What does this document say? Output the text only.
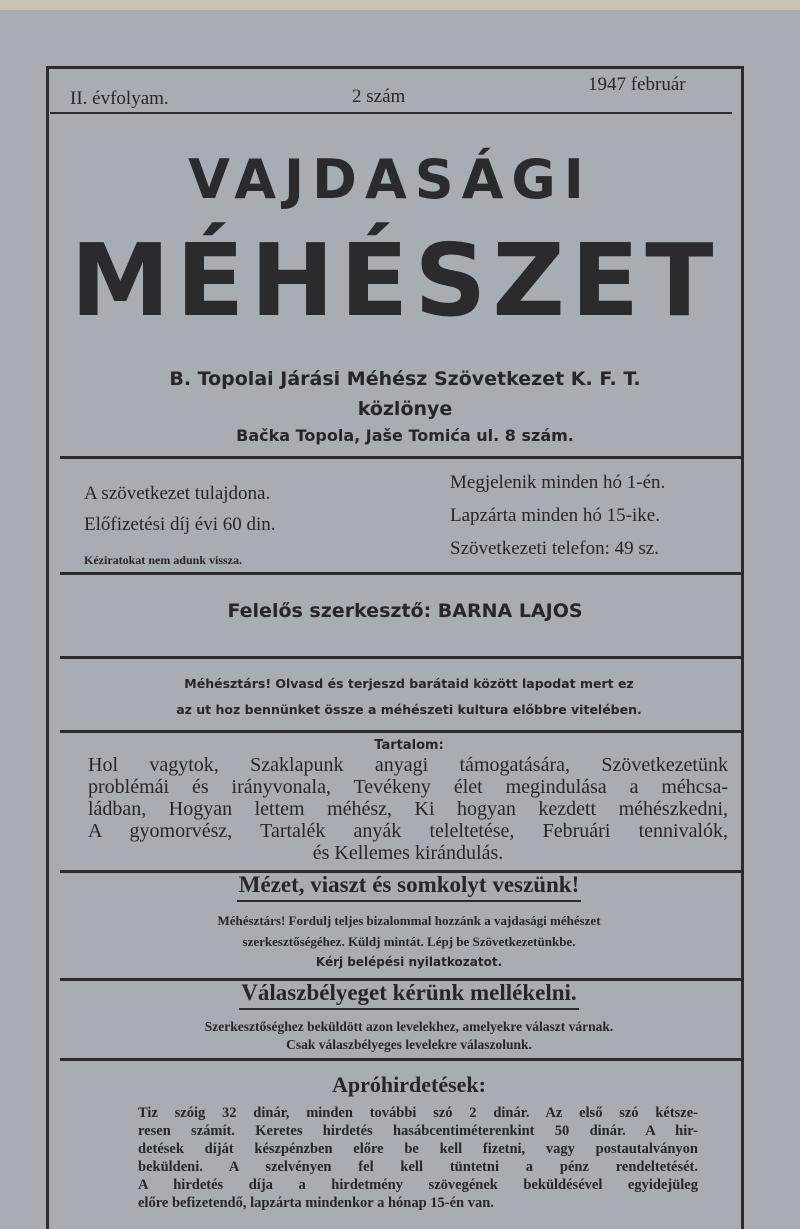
II. évfolyam.	2 szám
1947 február
VAJDASÁGI
MÉHÉSZET
B. Topolai Járási Méhész Szövetkezet K. F. T.
közlönye
Bačka Topola, Jaše Tomića ul. 8 szám.
A szövetkezet tulajdona.
Előfizetési díj évi 60 din.
Kéziratokat nem adunk vissza.
Megjelenik minden hó 1-én.
Lapzárta minden hó 15-ike.
Szövetkezeti telefon: 49 sz.
Felelős szerkesztő: BARNA LAJOS
Méhésztárs! Olvasd és terjeszd barátaid között lapodat mert ez
az ut hoz bennünket össze a méhészeti kultura előbbre vitelében.
Tartalom:
Hol vagytok, Szaklapunk anyagi támogatására, Szövetkezetünk
problémái és irányvonala, Tevékeny élet megindulása a méhcsa-
ládban, Hogyan lettem méhész, Ki hogyan kezdett méhészkedni,
A gyomorvész, Tartalék anyák teleltetése, Februári tennivalók,
és Kellemes kirándulás.
Mézet, viaszt és somkolyt veszünk!
Méhésztárs! Fordulj teljes bizalommal hozzánk a vajdasági méhészet
szerkesztőségéhez. Küldj mintát. Lépj be Szövetkezetünkbe.
Kérj belépési nyilatkozatot.
Válaszbélyeget kérünk mellékelni.
Szerkesztőséghez beküldött azon levelekhez, amelyekre választ várnak.
Csak válaszbélyeges levelekre válaszolunk.
Apróhirdetések:
Tiz szóig 32 dinár, minden további szó 2 dinár. Az első szó kétsze-
resen számít. Keretes hirdetés hasábcentiméterenkint 50 dinár. A hir-
detések díját készpénzben előre be kell fizetni, vagy postautalványon
beküldeni. A szelvényen fel kell tüntetni a pénz rendeltetését.
A hirdetés díja a hirdetmény szövegének beküldésével egyidejüleg
előre befizetendő, lapzárta mindenkor a hónap 15-én van.
